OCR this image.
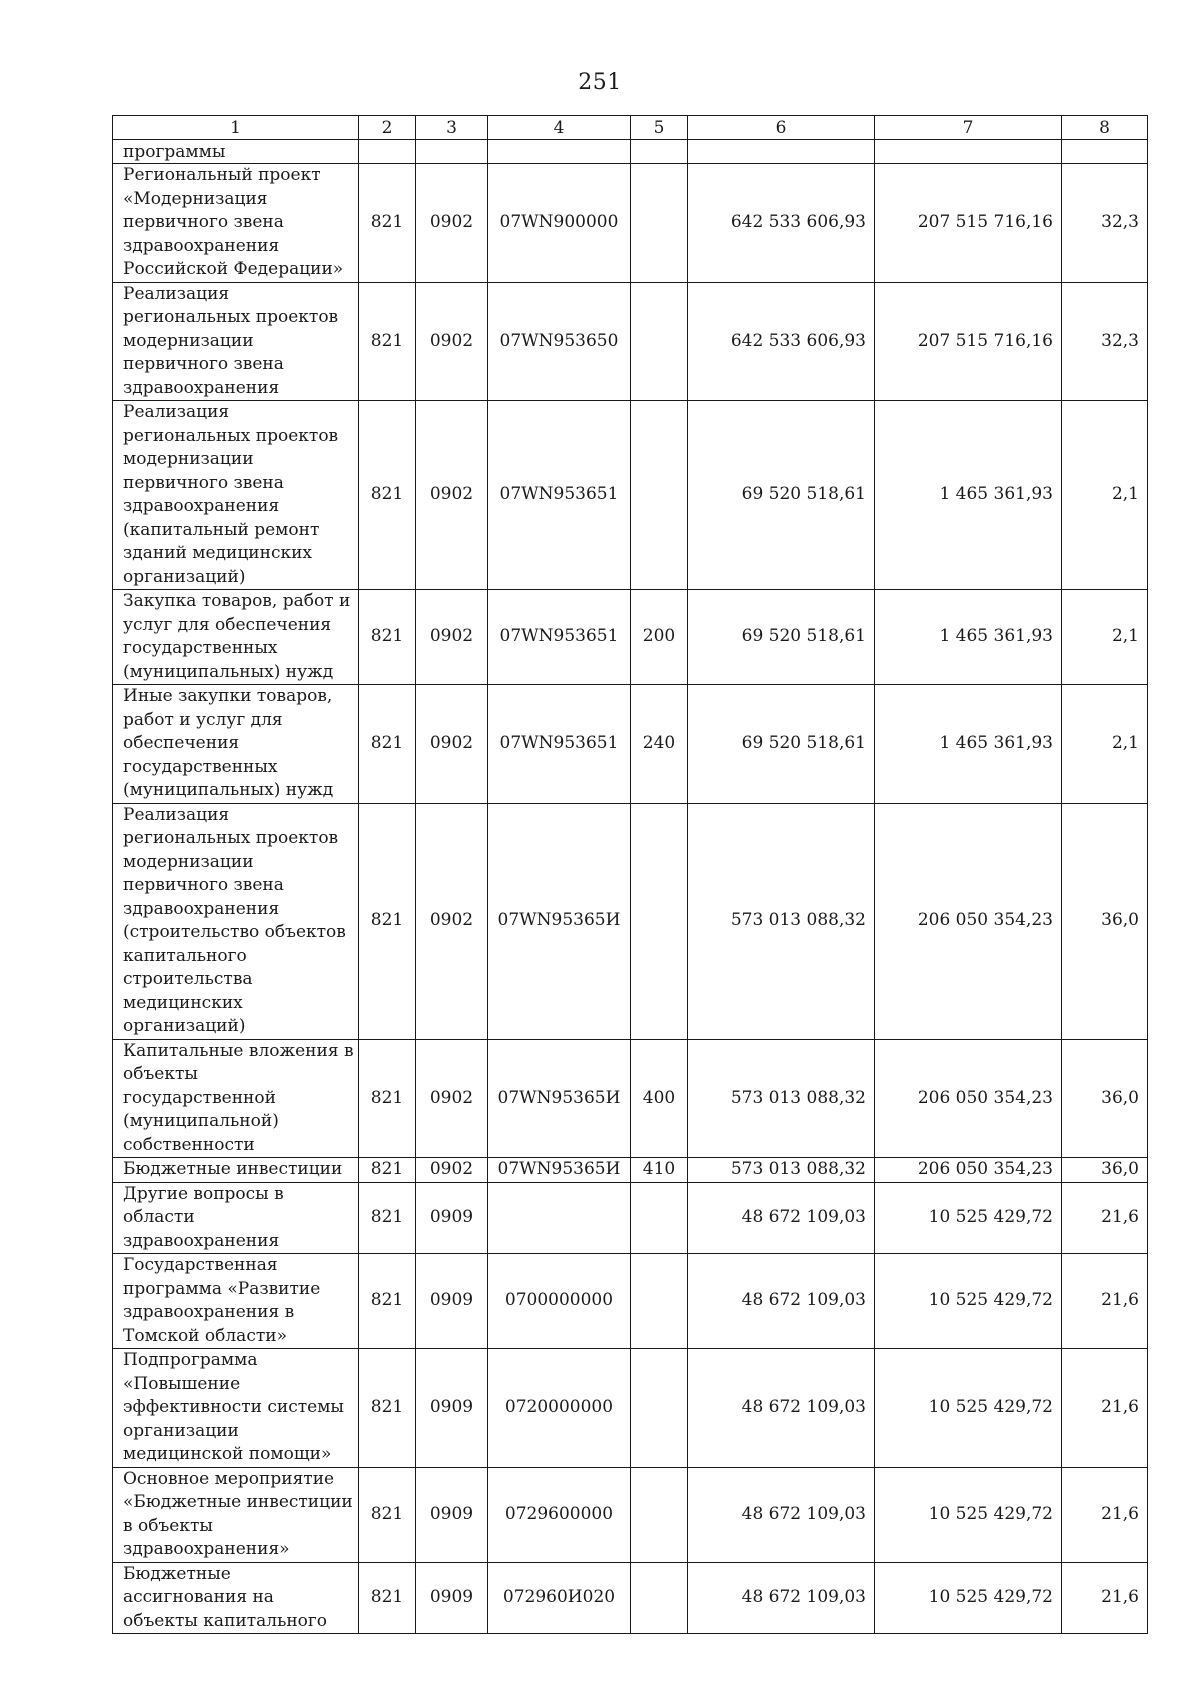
251
1	2	3	4	5	6	7	8
программы							
Региональный проект «Модернизация первичного звена здравоохранения Российской Федерации»	821	0902	07WN900000		642 533 606,93	207 515 716,16	32,3
Реализация региональных проектов модернизации первичного звена здравоохранения	821	0902	07WN953650		642 533 606,93	207 515 716,16	32,3
Реализация региональных проектов модернизации первичного звена здравоохранения (капитальный ремонт зданий медицинских организаций)	821	0902	07WN953651		69 520 518,61	1 465 361,93	2,1
Закупка товаров, работ и услуг для обеспечения государственных (муниципальных) нужд	821	0902	07WN953651	200	69 520 518,61	1 465 361,93	2,1
Иные закупки товаров, работ и услуг для обеспечения государственных (муниципальных) нужд	821	0902	07WN953651	240	69 520 518,61	1 465 361,93	2,1
Реализация региональных проектов модернизации первичного звена здравоохранения (строительство объектов капитального строительства медицинских организаций)	821	0902	07WN95365И		573 013 088,32	206 050 354,23	36,0
Капитальные вложения в объекты государственной (муниципальной) собственности	821	0902	07WN95365И	400	573 013 088,32	206 050 354,23	36,0
Бюджетные инвестиции	821	0902	07WN95365И	410	573 013 088,32	206 050 354,23	36,0
Другие вопросы в области здравоохранения	821	0909			48 672 109,03	10 525 429,72	21,6
Государственная программа «Развитие здравоохранения в Томской области»	821	0909	0700000000		48 672 109,03	10 525 429,72	21,6
Подпрограмма «Повышение эффективности системы организации медицинской помощи»	821	0909	0720000000		48 672 109,03	10 525 429,72	21,6
Основное мероприятие «Бюджетные инвестиции в объекты здравоохранения»	821	0909	0729600000		48 672 109,03	10 525 429,72	21,6
Бюджетные ассигнования на объекты капитального	821	0909	072960И020		48 672 109,03	10 525 429,72	21,6
